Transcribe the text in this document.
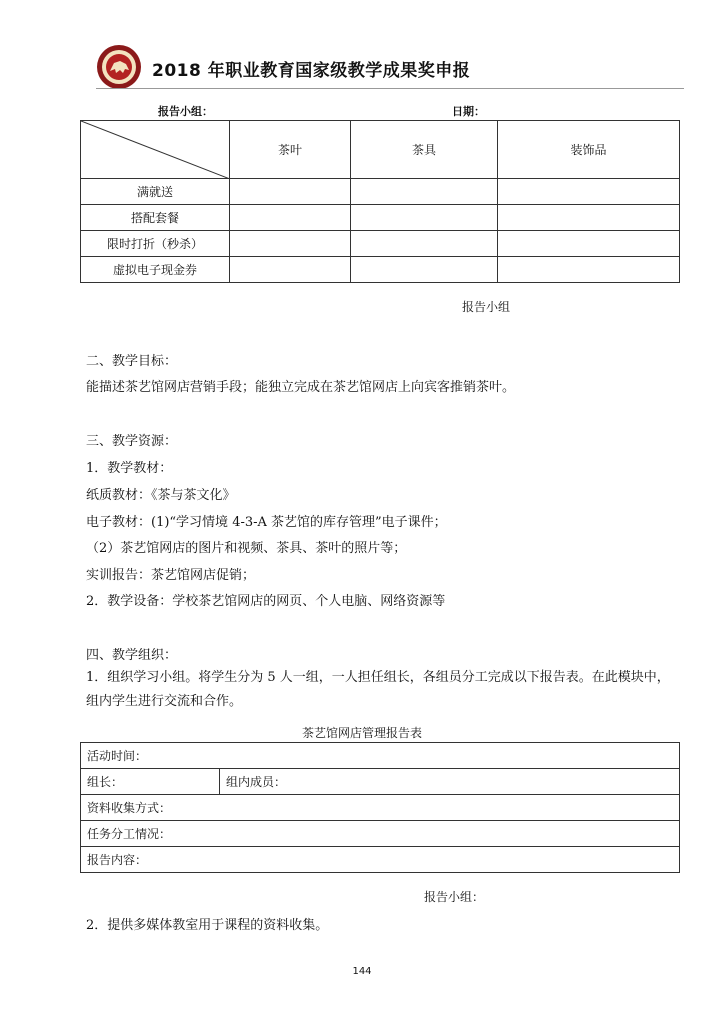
2018 年职业教育国家级教学成果奖申报
报告小组：	日期：
	茶叶	茶具	装饰品
满就送			
搭配套餐			
限时打折（秒杀）			
虚拟电子现金券			
报告小组
二、教学目标：
能描述茶艺馆网店营销手段；能独立完成在茶艺馆网店上向宾客推销茶叶。
三、教学资源：
1．教学教材：
纸质教材：《茶与茶文化》
电子教材：(1)“学习情境 4-3-A 茶艺馆的库存管理”电子课件；
（2）茶艺馆网店的图片和视频、茶具、茶叶的照片等；
实训报告：茶艺馆网店促销；
2．教学设备：学校茶艺馆网店的网页、个人电脑、网络资源等
四、教学组织：
1．组织学习小组。将学生分为 5 人一组，一人担任组长，各组员分工完成以下报告表。在此模块中，组内学生进行交流和合作。
茶艺馆网店管理报告表
活动时间：
组长：	组内成员：
资料收集方式：
任务分工情况：
报告内容：
报告小组：
2．提供多媒体教室用于课程的资料收集。
144
